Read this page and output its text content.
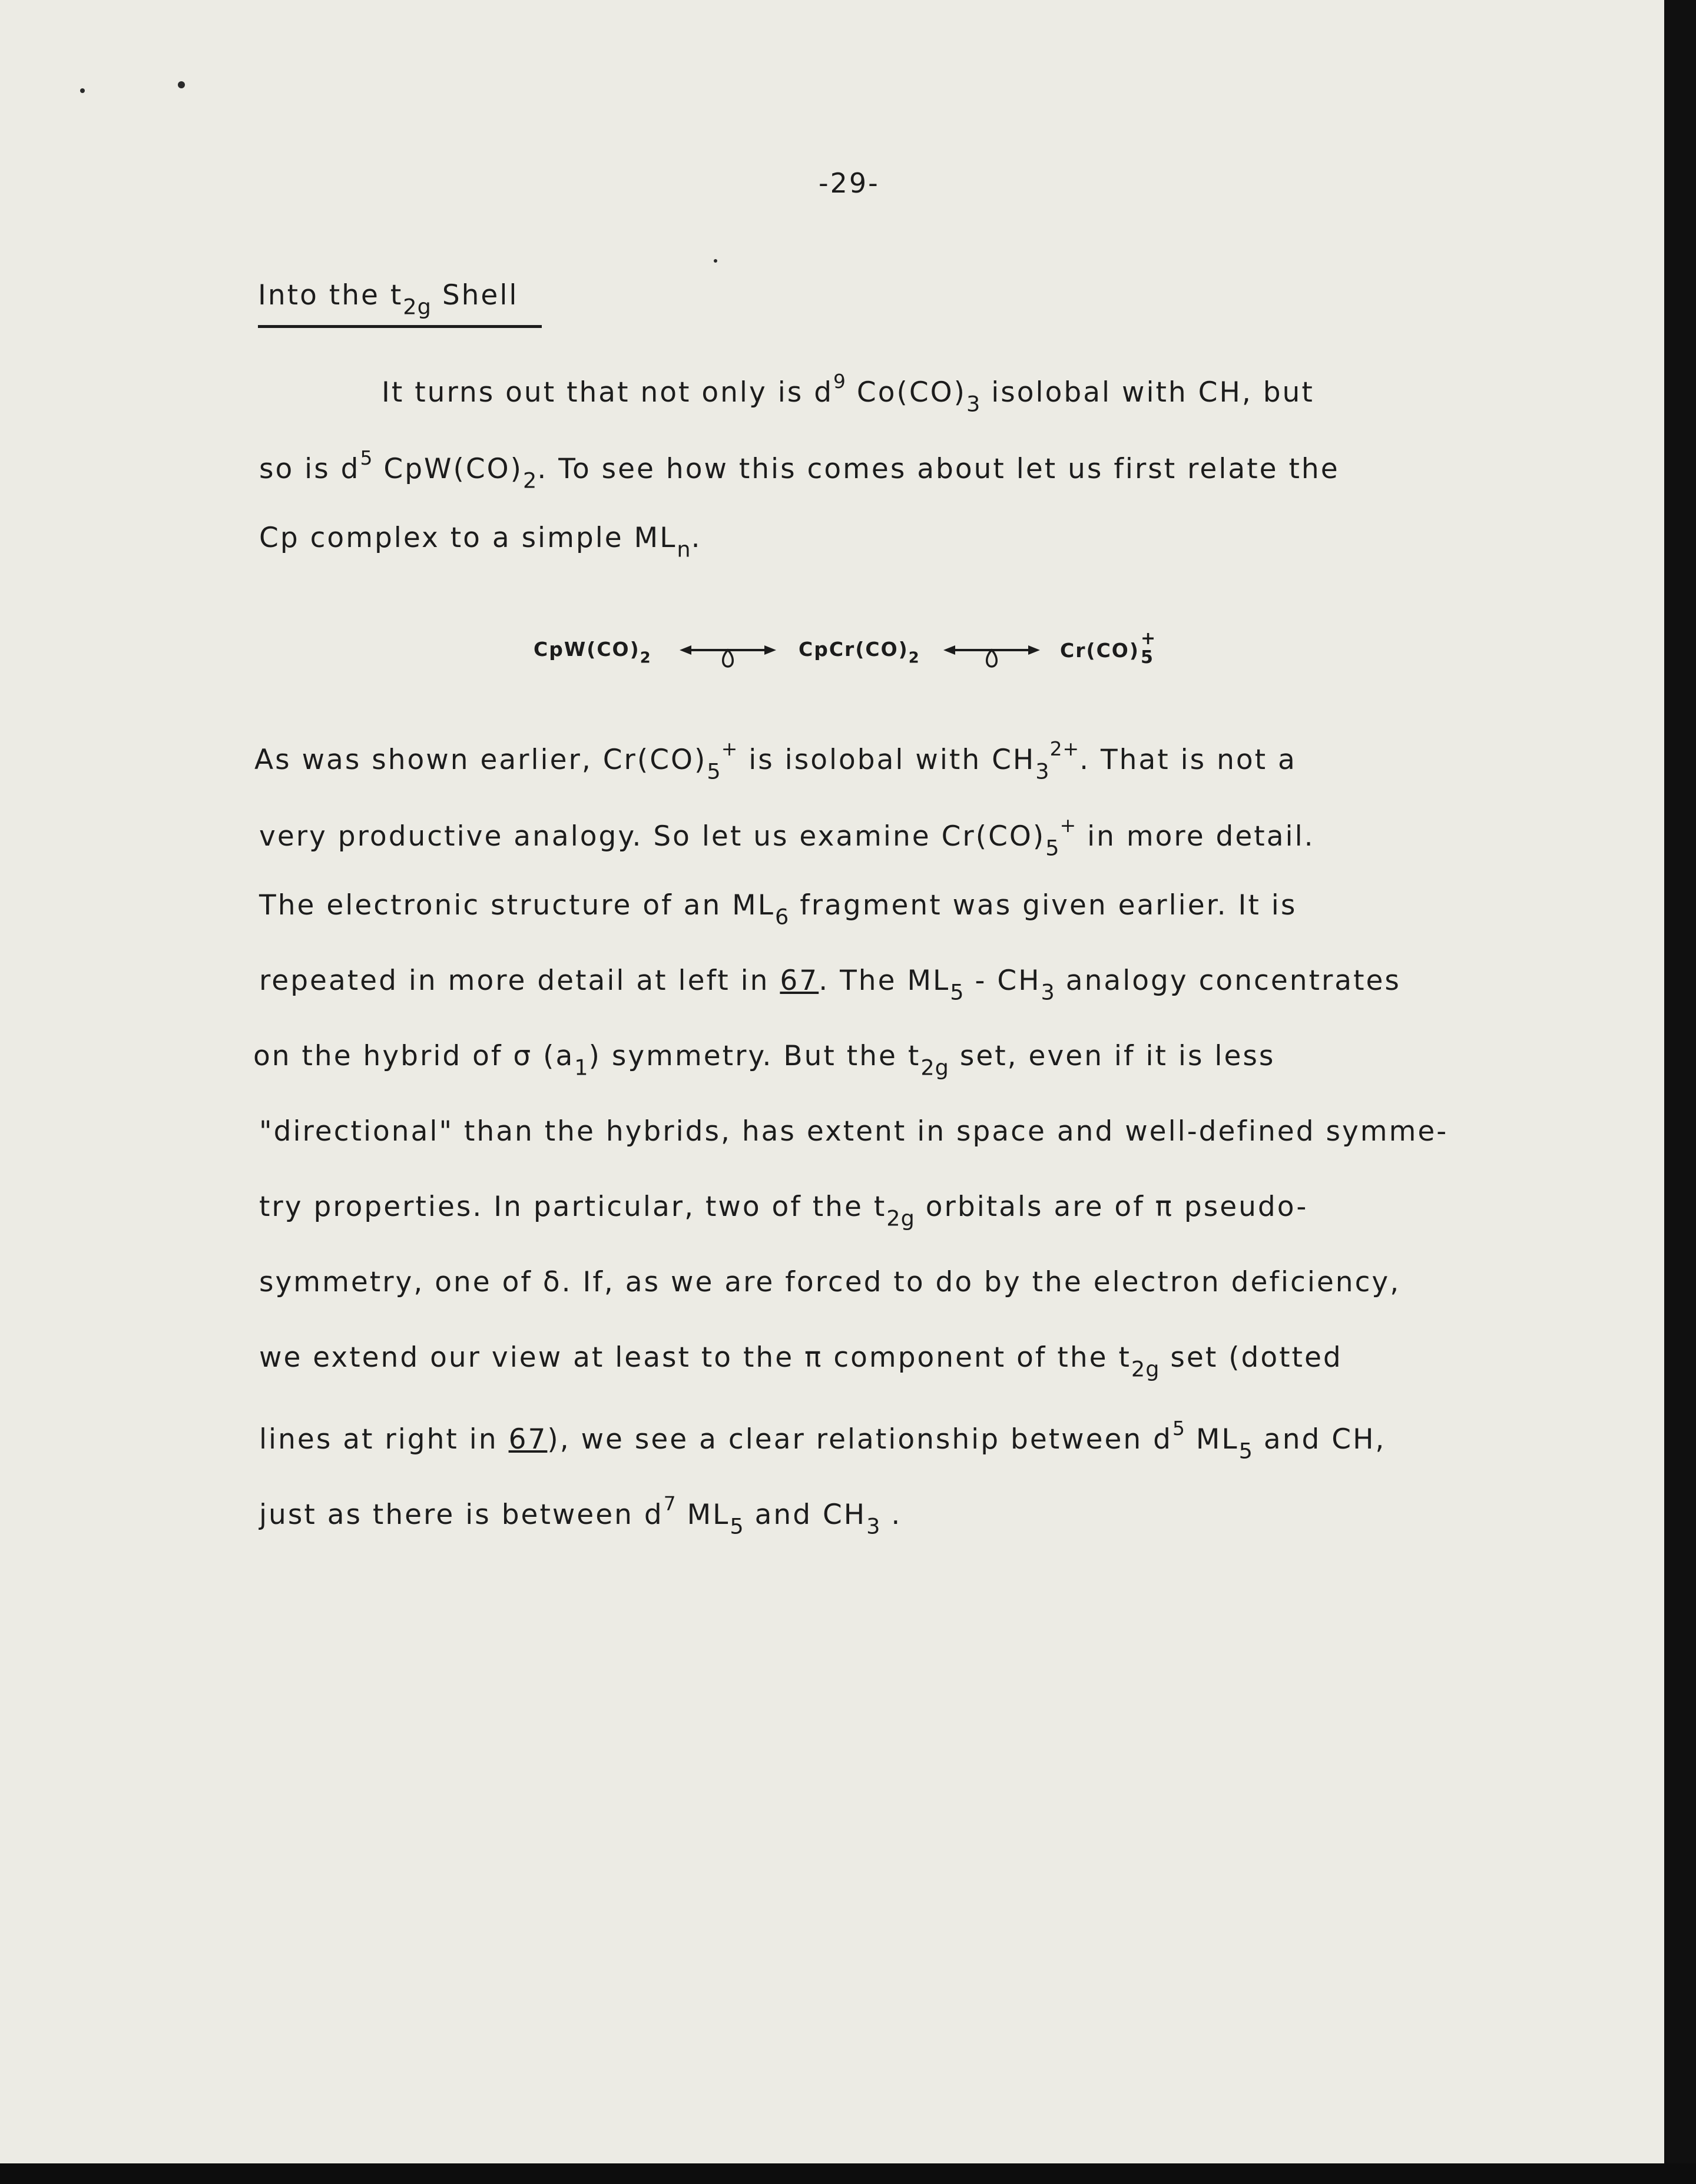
-29-
Into the $t_{2g}$ Shell
It turns out that not only is $d^9$ $Co(CO)_3$ isolobal with CH, but
so is $d^5$ $CpW(CO)_2$. To see how this comes about let us first relate the
Cp complex to a simple $ML_n$.
$CpW(CO)_2$	$CpCr(CO)_2$	Cr(CO)
+
5
As was shown earlier, $Cr(CO)_5^+$ is isolobal with $CH_3^{2+}$. That is not a
very productive analogy. So let us examine $Cr(CO)_5^+$ in more detail.
The electronic structure of an $ML_6$ fragment was given earlier. It is
repeated in more detail at left in 67. The $ML_5 - CH_3$ analogy concentrates
on the hybrid of σ $(a_1)$ symmetry. But the $t_{2g}$ set, even if it is less
"directional" than the hybrids, has extent in space and well-defined symme-
try properties. In particular, two of the $t_{2g}$ orbitals are of π pseudo-
symmetry, one of δ. If, as we are forced to do by the electron deficiency,
we extend our view at least to the π component of the $t_{2g}$ set (dotted
lines at right in 67), we see a clear relationship between $d^5$ $ML_5$ and CH,
just as there is between $d^7$ $ML_5$ and $CH_3$ .
